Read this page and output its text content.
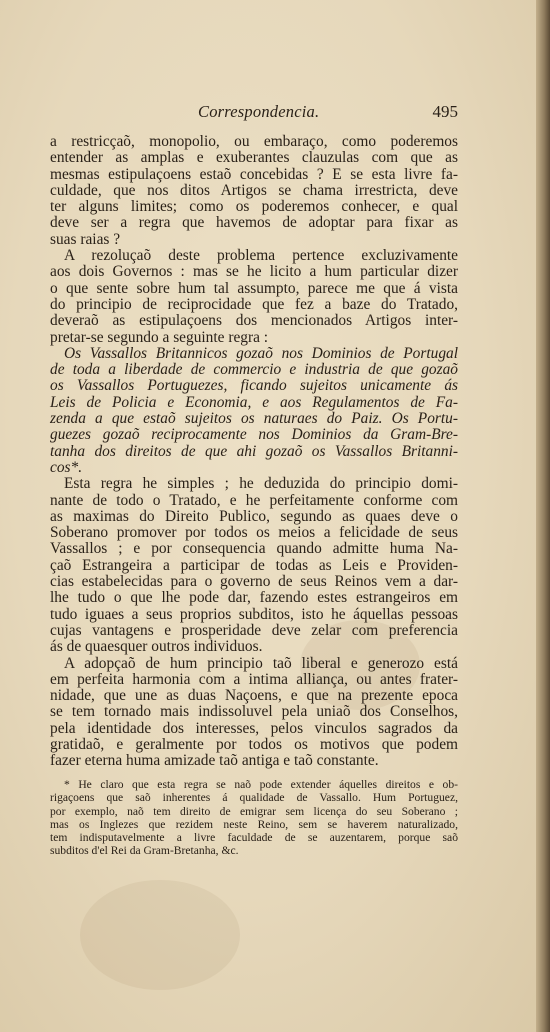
Correspondencia.	495
a restricçaõ, monopolio, ou embaraço, como poderemos
entender as amplas e exuberantes clauzulas com que as
mesmas estipulaçoens estaõ concebidas ? E se esta livre fa-
culdade, que nos ditos Artigos se chama irrestricta, deve
ter alguns limites; como os poderemos conhecer, e qual
deve ser a regra que havemos de adoptar para fixar as
suas raias ?
A rezoluçaõ deste problema pertence excluzivamente
aos dois Governos : mas se he licito a hum particular dizer
o que sente sobre hum tal assumpto, parece me que á vista
do principio de reciprocidade que fez a baze do Tratado,
deveraõ as estipulaçoens dos mencionados Artigos inter-
pretar-se segundo a seguinte regra :
Os Vassallos Britannicos gozaõ nos Dominios de Portugal
de toda a liberdade de commercio e industria de que gozaõ
os Vassallos Portuguezes, ficando sujeitos unicamente ás
Leis de Policia e Economia, e aos Regulamentos de Fa-
zenda a que estaõ sujeitos os naturaes do Paiz. Os Portu-
guezes gozaõ reciprocamente nos Dominios da Gram-Bre-
tanha dos direitos de que ahi gozaõ os Vassallos Britanni-
cos*.
Esta regra he simples ; he deduzida do principio domi-
nante de todo o Tratado, e he perfeitamente conforme com
as maximas do Direito Publico, segundo as quaes deve o
Soberano promover por todos os meios a felicidade de seus
Vassallos ; e por consequencia quando admitte huma Na-
çaõ Estrangeira a participar de todas as Leis e Providen-
cias estabelecidas para o governo de seus Reinos vem a dar-
lhe tudo o que lhe pode dar, fazendo estes estrangeiros em
tudo iguaes a seus proprios subditos, isto he áquellas pessoas
cujas vantagens e prosperidade deve zelar com preferencia
ás de quaesquer outros individuos.
A adopçaõ de hum principio taõ liberal e generozo está
em perfeita harmonia com a intima alliança, ou antes frater-
nidade, que une as duas Naçoens, e que na prezente epoca
se tem tornado mais indissoluvel pela uniaõ dos Conselhos,
pela identidade dos interesses, pelos vinculos sagrados da
gratidaõ, e geralmente por todos os motivos que podem
fazer eterna huma amizade taõ antiga e taõ constante.
* He claro que esta regra se naõ pode extender áquelles direitos e ob-
rigaçoens que saõ inherentes á qualidade de Vassallo. Hum Portuguez,
por exemplo, naõ tem direito de emigrar sem licença do seu Soberano ;
mas os Inglezes que rezidem neste Reino, sem se haverem naturalizado,
tem indisputavelmente a livre faculdade de se auzentarem, porque saõ
subditos d'el Rei da Gram-Bretanha, &c.
